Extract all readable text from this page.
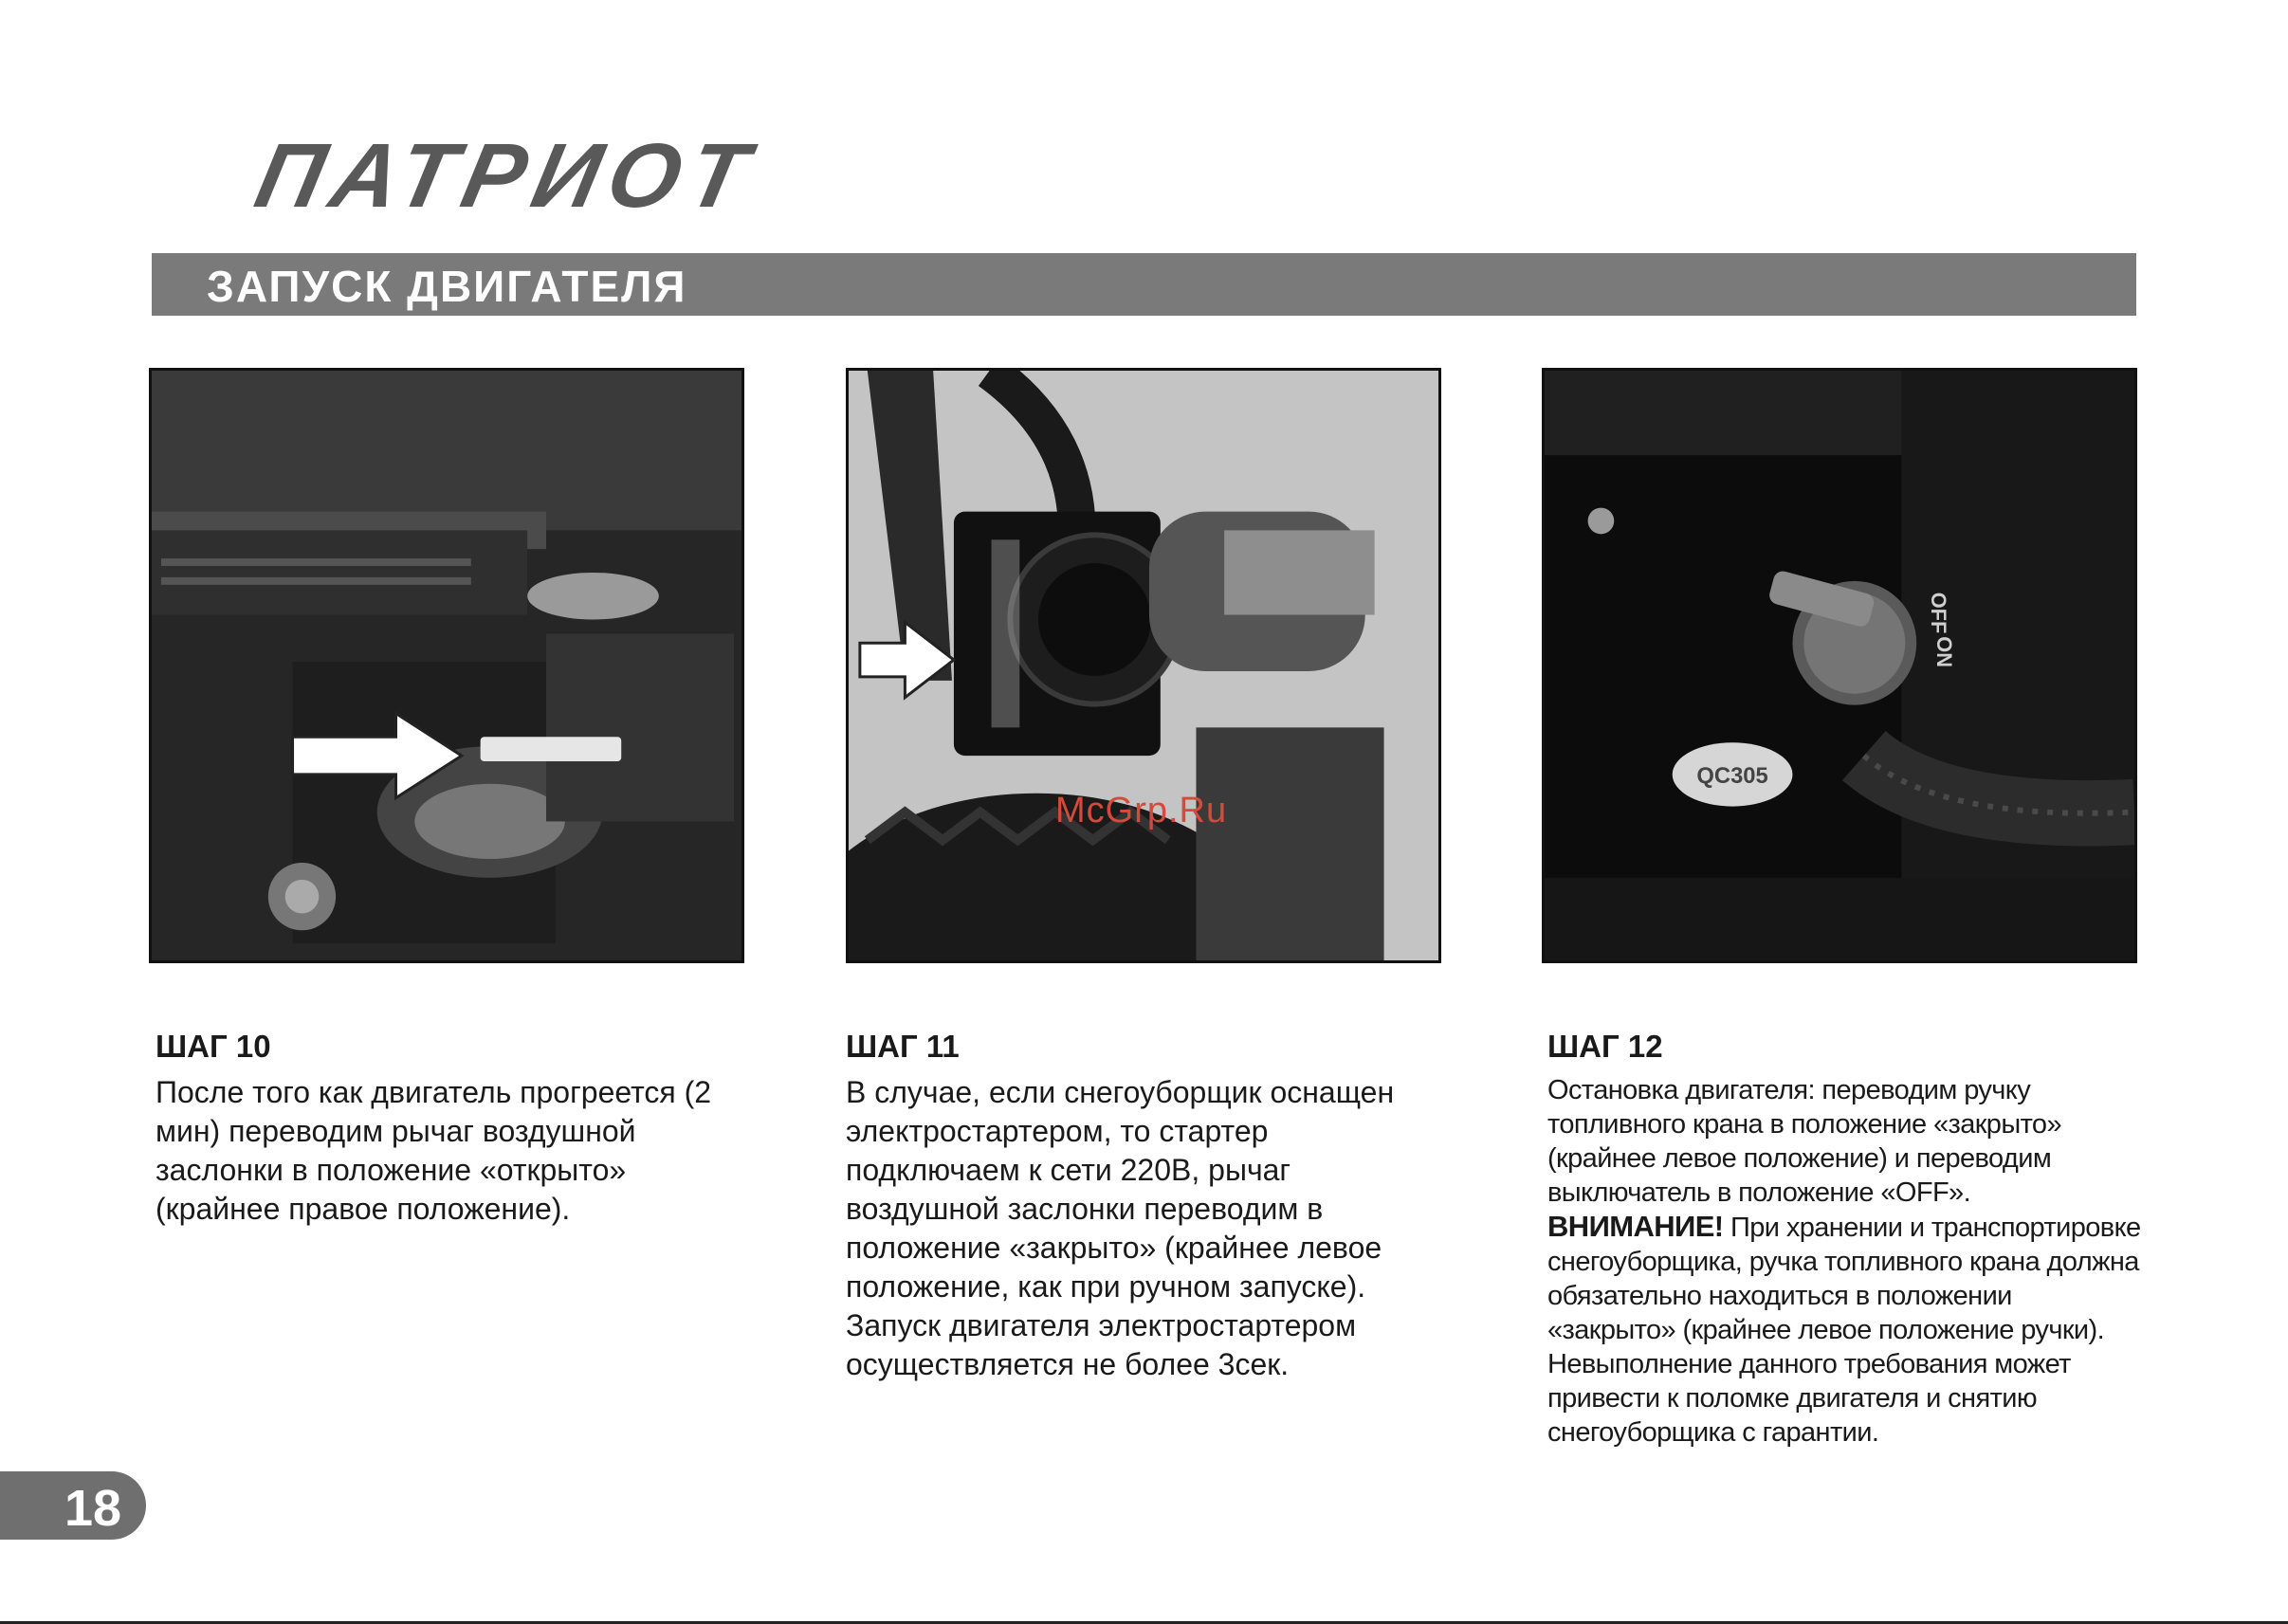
ПАТРИОТ
ЗАПУСК ДВИГАТЕЛЯ
OFF
ON
QC305
McGrp.Ru
ШАГ 10
После того как двигатель прогреется (2 мин) переводим рычаг воздушной заслонки в положение «открыто» (крайнее правое положение).
ШАГ 11
В случае, если снегоуборщик оснащен электростартером, то стартер подключаем к сети 220В, рычаг воздушной заслонки переводим в положение «закрыто» (крайнее левое положение, как при ручном запуске). Запуск двигателя электростартером осуществляется не более 3сек.
ШАГ 12
Остановка двигателя: переводим ручку топливного крана в положение «закрыто» (крайнее левое положение) и переводим выключатель в положение «OFF».
ВНИМАНИЕ! При хранении и транспортировке снегоуборщика, ручка топливного крана должна обязательно находиться в положении «закрыто» (крайнее левое положение ручки). Невыполнение данного требования может привести к поломке двигателя и снятию снегоуборщика с гарантии.
18
